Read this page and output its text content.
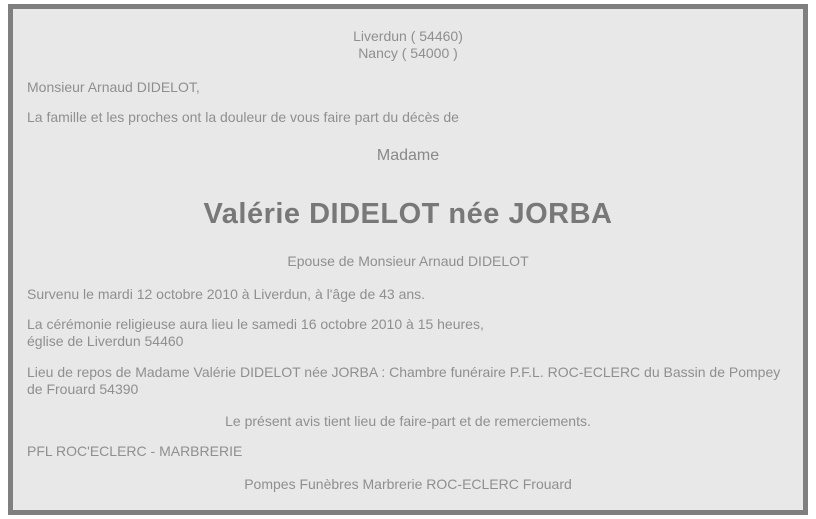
Liverdun ( 54460)
Nancy ( 54000 )

Monsieur Arnaud DIDELOT,

La famille et les proches ont la douleur de vous faire part du décès de

Madame

Valérie DIDELOT née JORBA

Epouse de Monsieur Arnaud DIDELOT

Survenu le mardi 12 octobre 2010 à Liverdun, à l'âge de 43 ans.

La cérémonie religieuse aura lieu le samedi 16 octobre 2010 à 15 heures,
église de Liverdun 54460

Lieu de repos de Madame Valérie DIDELOT née JORBA : Chambre funéraire P.F.L. ROC-ECLERC du Bassin de Pompey de Frouard 54390

Le présent avis tient lieu de faire-part et de remerciements.

PFL ROC'ECLERC - MARBRERIE

Pompes Funèbres Marbrerie ROC-ECLERC Frouard
